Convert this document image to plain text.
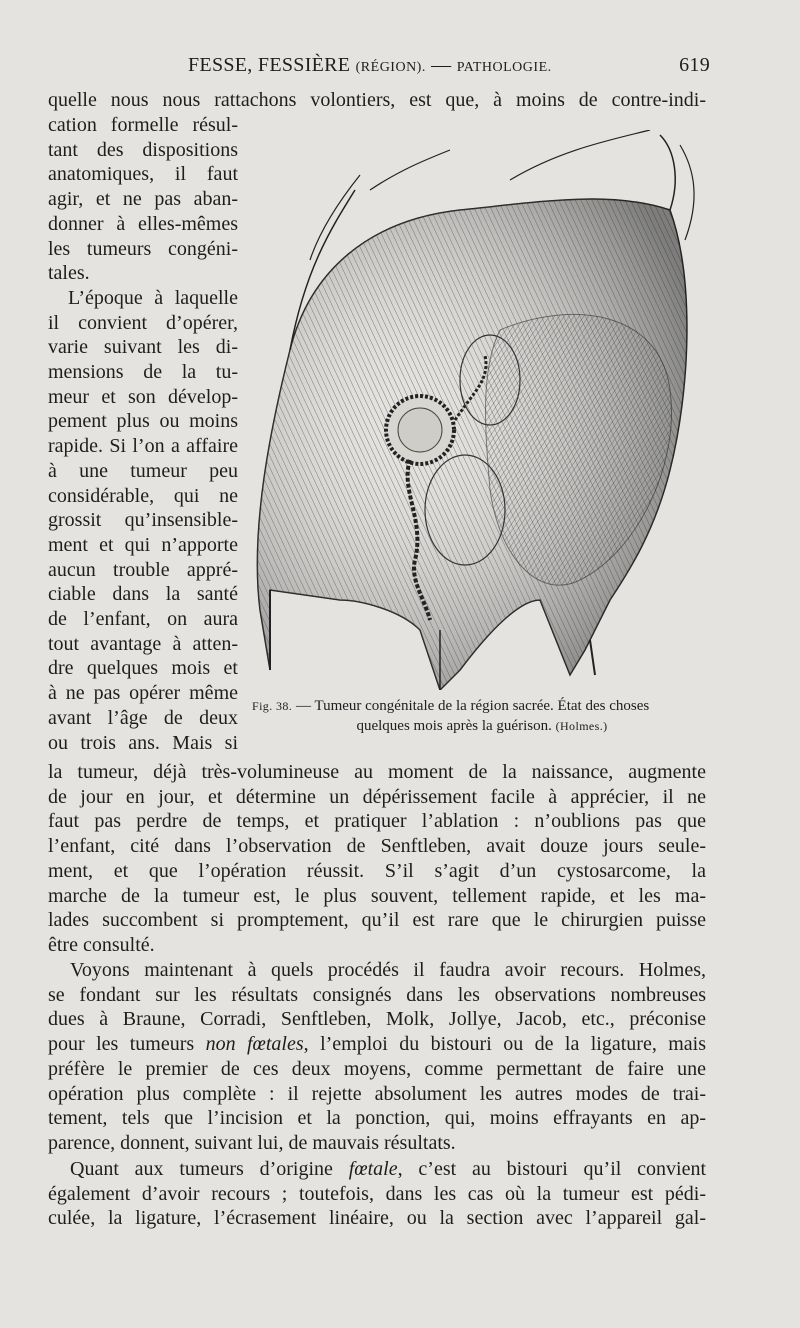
FESSE, FESSIÈRE (RÉGION). — PATHOLOGIE.	619
quelle nous nous rattachons volontiers, est que, à moins de contre-indi-
cation formelle résul-
tant des dispositions
anatomiques, il faut
agir, et ne pas aban-
donner à elles-mêmes
les tumeurs congéni-
tales.
L’époque à laquelle
il convient d’opérer,
varie suivant les di-
mensions de la tu-
meur et son dévelop-
pement plus ou moins
rapide. Si l’on a affaire
à une tumeur peu
considérable, qui ne
grossit qu’insensible-
ment et qui n’apporte
aucun trouble appré-
ciable dans la santé
de l’enfant, on aura
tout avantage à atten-
dre quelques mois et
à ne pas opérer même
avant l’âge de deux
ou trois ans. Mais si
Fig. 38. — Tumeur congénitale de la région sacrée. État des choses
quelques mois après la guérison. (Holmes.)
la tumeur, déjà très-volumineuse au moment de la naissance, augmente
de jour en jour, et détermine un dépérissement facile à apprécier, il ne
faut pas perdre de temps, et pratiquer l’ablation : n’oublions pas que
l’enfant, cité dans l’observation de Senftleben, avait douze jours seule-
ment, et que l’opération réussit. S’il s’agit d’un cystosarcome, la
marche de la tumeur est, le plus souvent, tellement rapide, et les ma-
lades succombent si promptement, qu’il est rare que le chirurgien puisse
être consulté.
Voyons maintenant à quels procédés il faudra avoir recours. Holmes,
se fondant sur les résultats consignés dans les observations nombreuses
dues à Braune, Corradi, Senftleben, Molk, Jollye, Jacob, etc., préconise
pour les tumeurs non fœtales, l’emploi du bistouri ou de la ligature, mais
préfère le premier de ces deux moyens, comme permettant de faire une
opération plus complète : il rejette absolument les autres modes de trai-
tement, tels que l’incision et la ponction, qui, moins effrayants en ap-
parence, donnent, suivant lui, de mauvais résultats.
Quant aux tumeurs d’origine fœtale, c’est au bistouri qu’il convient
également d’avoir recours ; toutefois, dans les cas où la tumeur est pédi-
culée, la ligature, l’écrasement linéaire, ou la section avec l’appareil gal-
